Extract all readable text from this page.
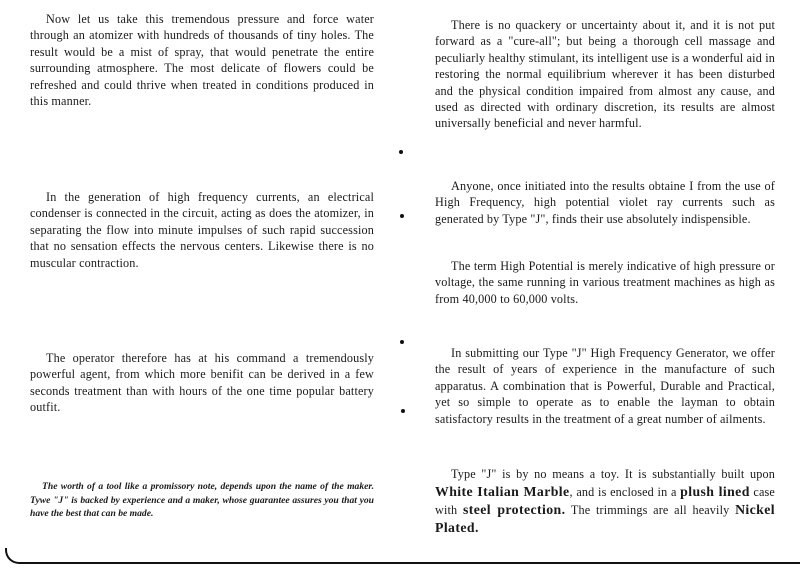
Now let us take this tremendous pressure and force water through an atomizer with hundreds of thousands of tiny holes. The result would be a mist of spray, that would penetrate the entire surrounding atmosphere. The most delicate of flowers could be refreshed and could thrive when treated in conditions produced in this manner.

In the generation of high frequency currents, an electrical condenser is connected in the circuit, acting as does the atomizer, in separating the flow into minute impulses of such rapid succession that no sensation effects the nervous centers. Likewise there is no muscular contraction.

The operator therefore has at his command a tremendously powerful agent, from which more benifit can be derived in a few seconds treatment than with hours of the one time popular battery outfit.

The worth of a tool like a promissory note, depends upon the name of the maker. Tywe "J" is backed by experience and a maker, whose guarantee assures you that you have the best that can be made.

There is no quackery or uncertainty about it, and it is not put forward as a "cure-all"; but being a thorough cell massage and peculiarly healthy stimulant, its intelligent use is a wonderful aid in restoring the normal equilibrium wherever it has been disturbed and the physical condition impaired from almost any cause, and used as directed with ordinary discretion, its results are almost universally beneficial and never harmful.

Anyone, once initiated into the results obtaine I from the use of High Frequency, high potential violet ray currents such as generated by Type "J", finds their use absolutely indispensible.

The term High Potential is merely indicative of high pressure or voltage, the same running in various treatment machines as high as from 40,000 to 60,000 volts.

In submitting our Type "J" High Frequency Generator, we offer the result of years of experience in the manufacture of such apparatus. A combination that is Powerful, Durable and Practical, yet so simple to operate as to enable the layman to obtain satisfactory results in the treatment of a great number of ailments.

Type "J" is by no means a toy. It is substantially built upon White Italian Marble, and is enclosed in a plush lined case with steel protection. The trimmings are all heavily Nickel Plated.
